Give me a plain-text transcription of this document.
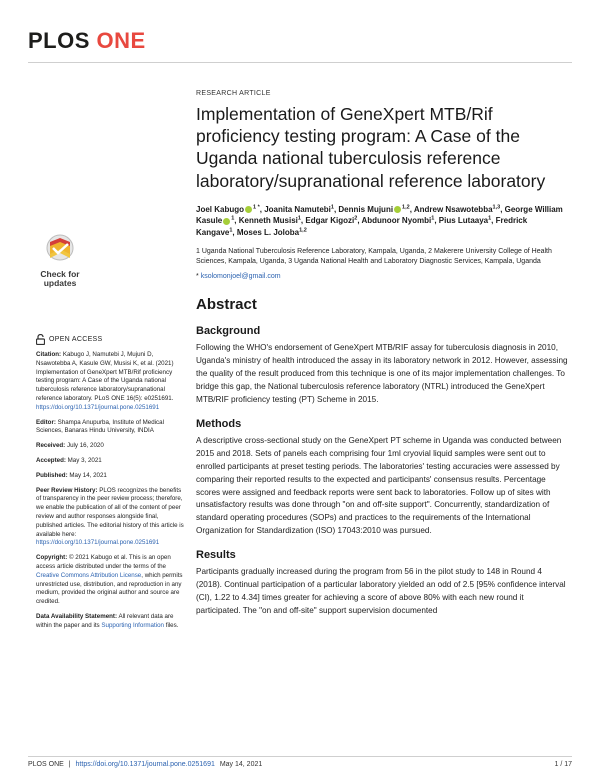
PLOS ONE
Check for
updates
OPEN ACCESS
Citation: Kabugo J, Namutebi J, Mujuni D, Nsawotebba A, Kasule GW, Musisi K, et al. (2021) Implementation of GeneXpert MTB/Rif proficiency testing program: A Case of the Uganda national tuberculosis reference laboratory/supranational reference laboratory. PLoS ONE 16(5): e0251691. https://doi.org/10.1371/journal.pone.0251691
Editor: Shampa Anupurba, Institute of Medical Sciences, Banaras Hindu University, INDIA
Received: July 16, 2020
Accepted: May 3, 2021
Published: May 14, 2021
Peer Review History: PLOS recognizes the benefits of transparency in the peer review process; therefore, we enable the publication of all of the content of peer review and author responses alongside final, published articles. The editorial history of this article is available here: https://doi.org/10.1371/journal.pone.0251691
Copyright: © 2021 Kabugo et al. This is an open access article distributed under the terms of the Creative Commons Attribution License, which permits unrestricted use, distribution, and reproduction in any medium, provided the original author and source are credited.
Data Availability Statement: All relevant data are within the paper and its Supporting Information files.
RESEARCH ARTICLE
Implementation of GeneXpert MTB/Rif proficiency testing program: A Case of the Uganda national tuberculosis reference laboratory/supranational reference laboratory
Joel Kabugo $^{1 *}$, Joanita Namutebi$^1$, Dennis Mujuni $^{1,2}$, Andrew Nsawotebba$^{1,3}$, George William Kasule $^1$, Kenneth Musisi$^1$, Edgar Kigozi$^2$, Abdunoor Nyombi$^1$, Pius Lutaaya$^1$, Fredrick Kangave$^1$, Moses L. Joloba$^{1,2}$
1 Uganda National Tuberculosis Reference Laboratory, Kampala, Uganda, 2 Makerere University College of Health Sciences, Kampala, Uganda, 3 Uganda National Health and Laboratory Diagnostic Services, Kampala, Uganda
* ksolomonjoel@gmail.com
Abstract
Background

Following the WHO's endorsement of GeneXpert MTB/RIF assay for tuberculosis diagnosis in 2010, Uganda's ministry of health introduced the assay in its laboratory network in 2012. However, assessing the quality of the result produced from this technique is one of its major implementation challenges. To bridge this gap, the National tuberculosis reference laboratory (NTRL) introduced the GeneXpert MTB/RIF proficiency testing (PT) Scheme in 2015.

Methods

A descriptive cross-sectional study on the GeneXpert PT scheme in Uganda was conducted between 2015 and 2018. Sets of panels each comprising four 1ml cryovial liquid samples were sent out to enrolled participants at preset testing periods. The laboratories' testing accuracies were assessed by comparing their reported results to the expected and participants' consensus results. Percentage scores were assigned and feedback reports were sent back to laboratories. Follow up of sites with unsatisfactory results was done through "on and off-site support". Concurrently, standardization of standard operating procedures (SOPs) and practices to the requirements of the International Organization for Standardization (ISO) 17043:2010 was pursued.

Results

Participants gradually increased during the program from 56 in the pilot study to 148 in Round 4 (2018). Continual participation of a particular laboratory yielded an odd of 2.5 [95% confidence interval (CI), 1.22 to 4.34] times greater for achieving a score of above 80% with each new round it participated. The "on and off-site" support supervision documented

PLOS ONE | https://doi.org/10.1371/journal.pone.0251691 May 14, 2021	1 / 17
